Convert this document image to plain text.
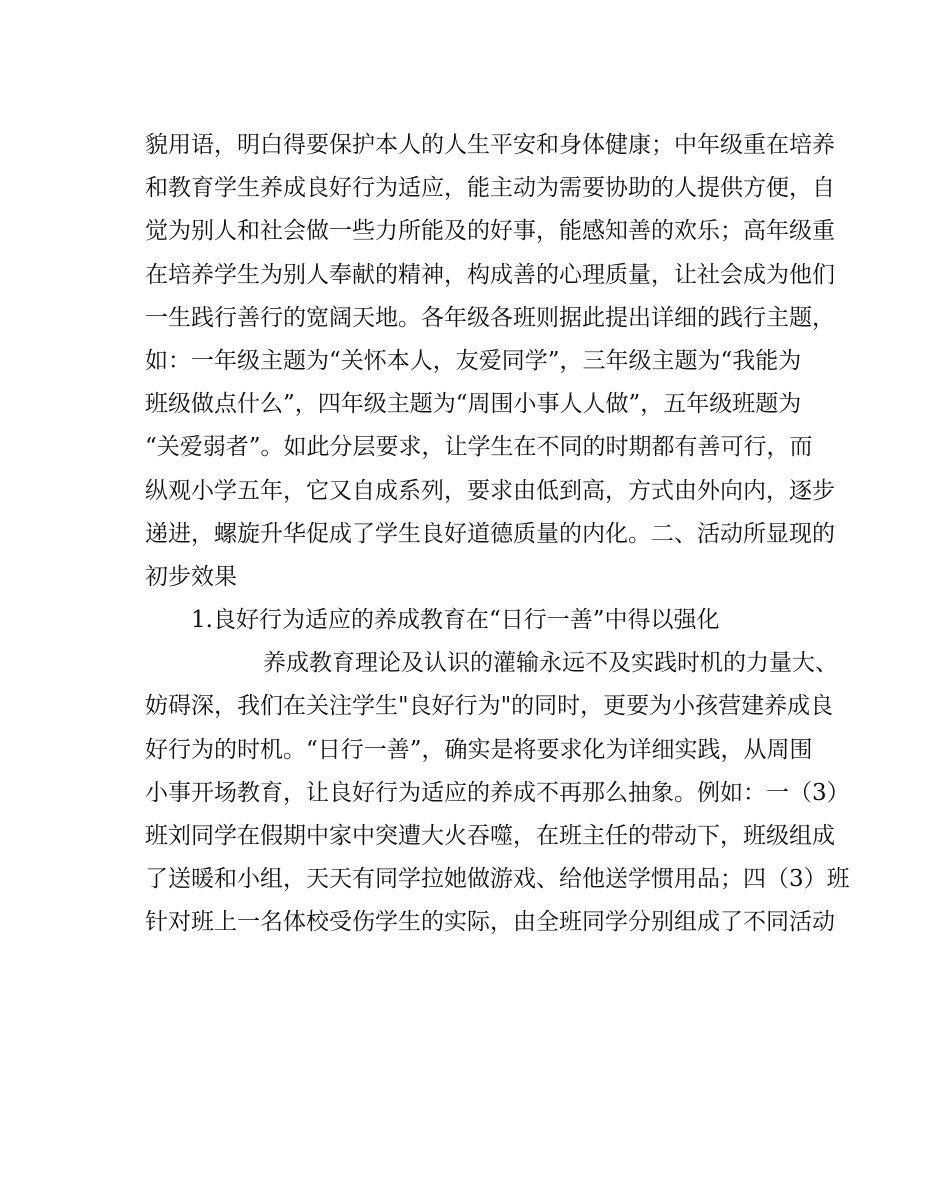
貌用语，明白得要保护本人的人生平安和身体健康；中年级重在培养
和教育学生养成良好行为适应，能主动为需要协助的人提供方便，自
觉为别人和社会做一些力所能及的好事，能感知善的欢乐；高年级重
在培养学生为别人奉献的精神，构成善的心理质量，让社会成为他们
一生践行善行的宽阔天地。各年级各班则据此提出详细的践行主题，
如：一年级主题为“关怀本人，友爱同学”，三年级主题为“我能为
班级做点什么”，四年级主题为“周围小事人人做”，五年级班题为
“关爱弱者”。如此分层要求，让学生在不同的时期都有善可行，而
纵观小学五年，它又自成系列，要求由低到高，方式由外向内，逐步
递进，螺旋升华促成了学生良好道德质量的内化。二、活动所显现的
初步效果
1.良好行为适应的养成教育在“日行一善”中得以强化
养成教育理论及认识的灌输永远不及实践时机的力量大、
妨碍深，我们在关注学生"良好行为"的同时，更要为小孩营建养成良
好行为的时机。“日行一善”，确实是将要求化为详细实践，从周围
小事开场教育，让良好行为适应的养成不再那么抽象。例如：一（3）
班刘同学在假期中家中突遭大火吞噬，在班主任的带动下，班级组成
了送暖和小组，天天有同学拉她做游戏、给他送学惯用品；四（3）班
针对班上一名体校受伤学生的实际，由全班同学分别组成了不同活动
